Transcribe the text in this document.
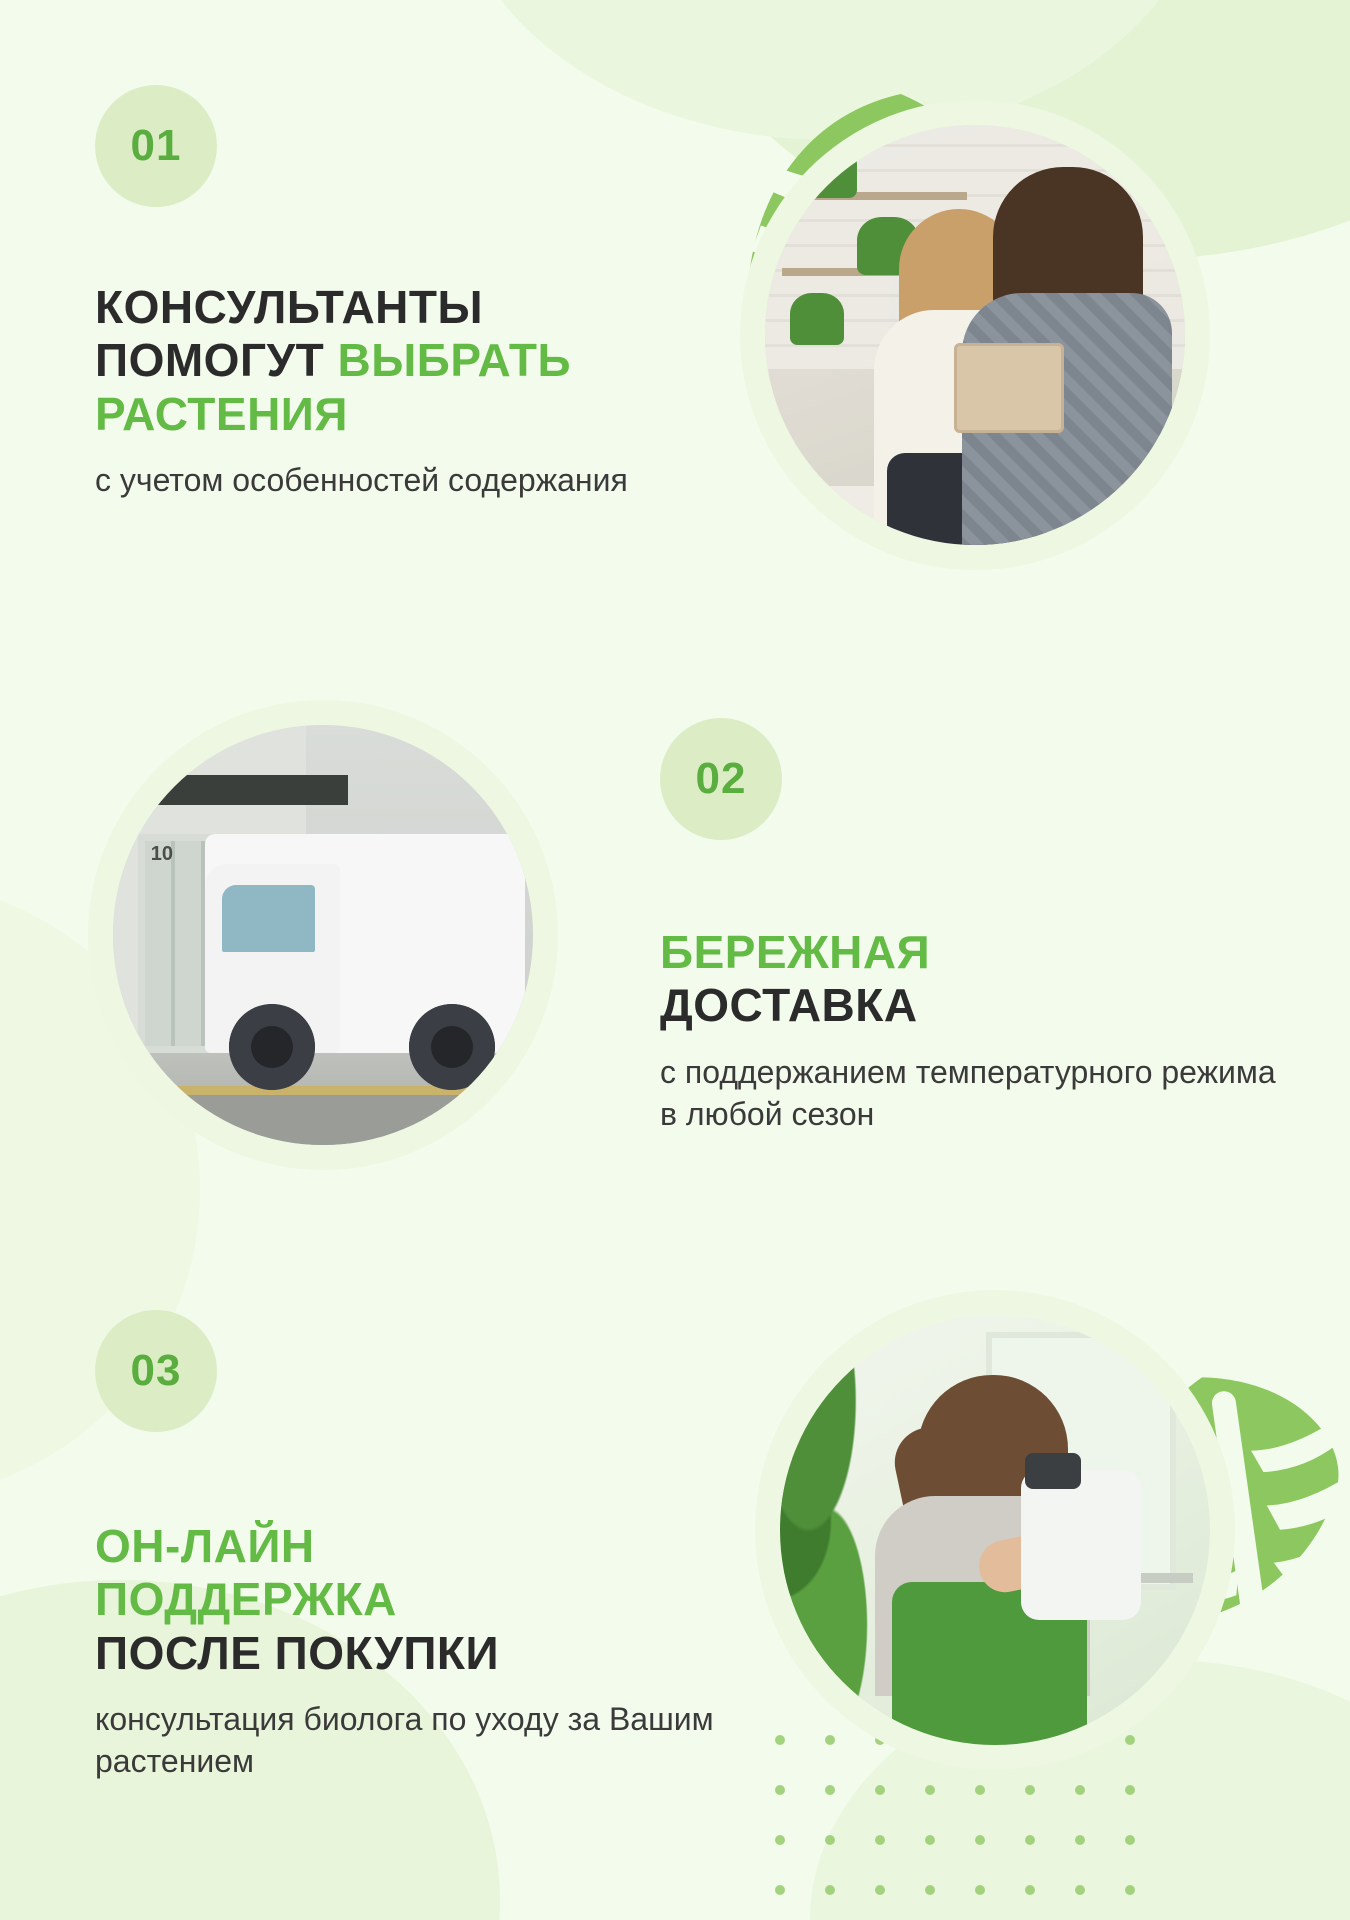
01
КОНСУЛЬТАНТЫ
ПОМОГУТ ВЫБРАТЬ
РАСТЕНИЯ

с учетом особенностей содержания

02
БЕРЕЖНАЯ
ДОСТАВКА

с поддержанием температурного режима в любой сезон

10
03
ОН-ЛАЙН
ПОДДЕРЖКА
ПОСЛЕ ПОКУПКИ

консультация биолога по уходу за Вашим растением
